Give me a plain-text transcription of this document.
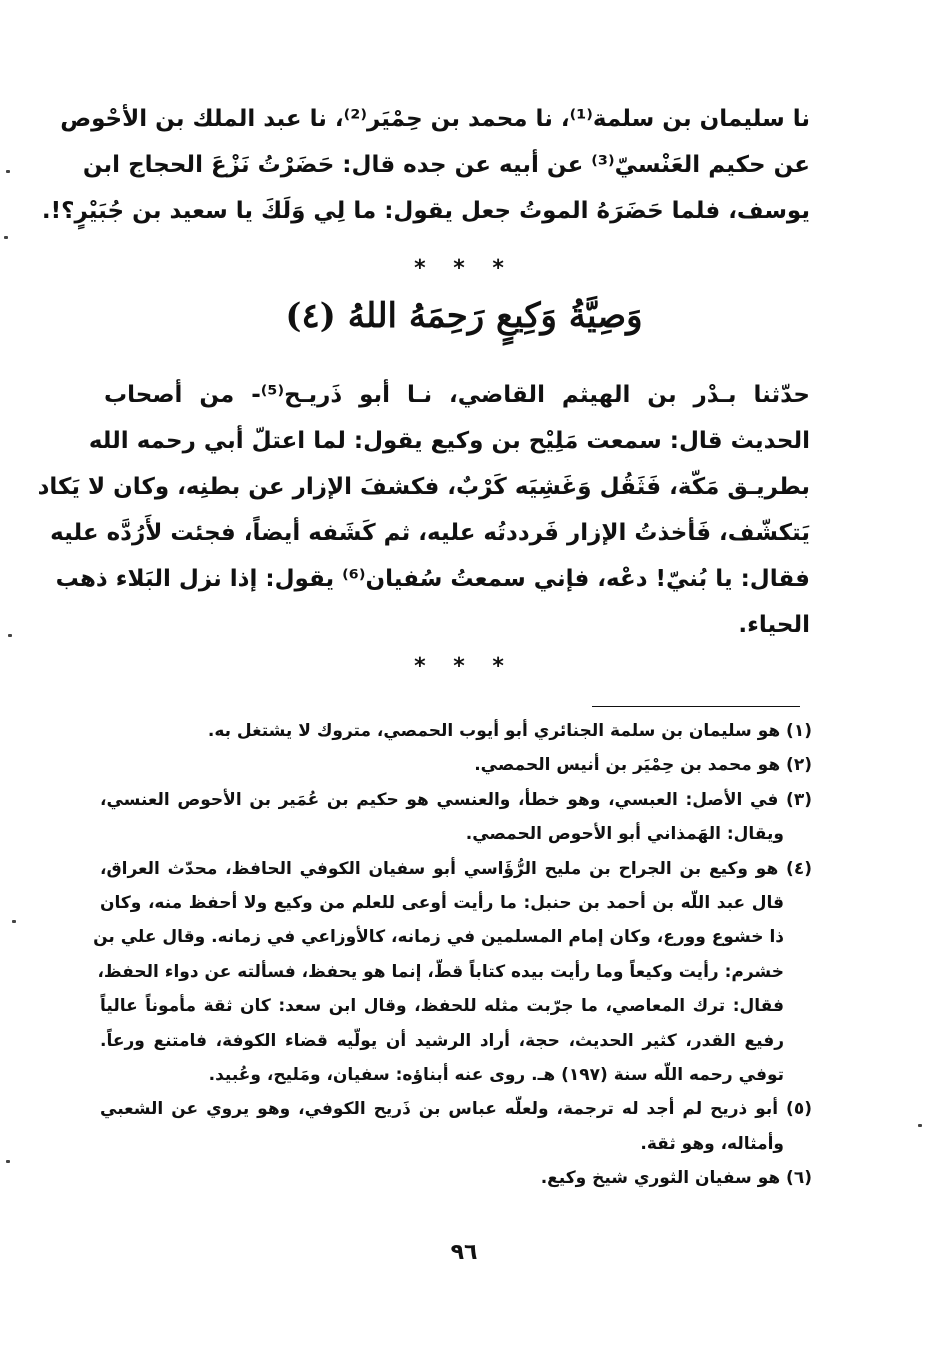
نا سليمان بن سلمة⁽¹⁾، نا محمد بن حِمْيَر⁽²⁾، نا عبد الملك بن الأحْوص
عن حكيم العَنْسيّ⁽³⁾ عن أبيه عن جده قال: حَضَرْتُ نَزْعَ الحجاج ابن
يوسف، فلما حَضَرَهُ الموتُ جعل يقول: ما لِي وَلَكَ يا سعيد بن جُبَيْرٍ؟!.
* * *
وَصِيَّةُ وَكِيعٍ رَحِمَهُ اللهُ (٤)
حدّثنا بـدْر بن الهيثم القاضي، نـا أبو ذَريـح⁽⁵⁾- من أصحاب
الحديث قال: سمعت مَلِيْح بن وكيع يقول: لما اعتلّ أبي رحمه الله
بطريـق مَكّة، فَثَقُل وَغَشِيَه كَرْبٌ، فكشفَ الإزار عن بطنِه، وكان لا يَكاد
يَتكشّف، فَأخذتُ الإزار فَرددتُه عليه، ثم كَشَفه أيضاً، فجئت لأَرُدَّه عليه
فقال: يا بُنيّ! دعْه، فإني سمعتُ سُفيان⁽⁶⁾ يقول: إذا نزل البَلاء ذهب
الحياء.
* * *
(١) هو سليمان بن سلمة الجنائري أبو أيوب الحمصي، متروك لا يشتغل به.
(٢) هو محمد بن حِمْيَر بن أنيس الحمصي.
(٣) في الأصل: العبسي، وهو خطأ، والعنسي هو حكيم بن عُمَير بن الأحوص العنسي،
ويقال: الهَمذاني أبو الأحوص الحمصي.
(٤) هو وكيع بن الجراح بن مليح الرُّؤَاسي أبو سفيان الكوفي الحافظ، محدّث العراق،
قال عبد اللّه بن أحمد بن حنبل: ما رأيت أوعى للعلم من وكيع ولا أحفظ منه، وكان
ذا خشوع وورع، وكان إمام المسلمين في زمانه، كالأوزاعي في زمانه. وقال علي بن
خشرم: رأيت وكيعاً وما رأيت بيده كتاباً قطّ، إنما هو يحفظ، فسألته عن دواء الحفظ،
فقال: ترك المعاصي، ما جرّبت مثله للحفظ، وقال ابن سعد: كان ثقة مأموناً عالياً
رفيع القدر، كثير الحديث، حجة، أراد الرشيد أن يولّيه قضاء الكوفة، فامتنع ورعاً.
توفي رحمه اللّه سنة (١٩٧) هـ. روى عنه أبناؤه: سفيان، ومَليح، وعُبيد.
(٥) أبو ذريح لم أجد له ترجمة، ولعلّه عباس بن ذَريح الكوفي، وهو يروي عن الشعبي
وأمثاله، وهو ثقة.
(٦) هو سفيان الثوري شيخ وكيع.
٩٦
